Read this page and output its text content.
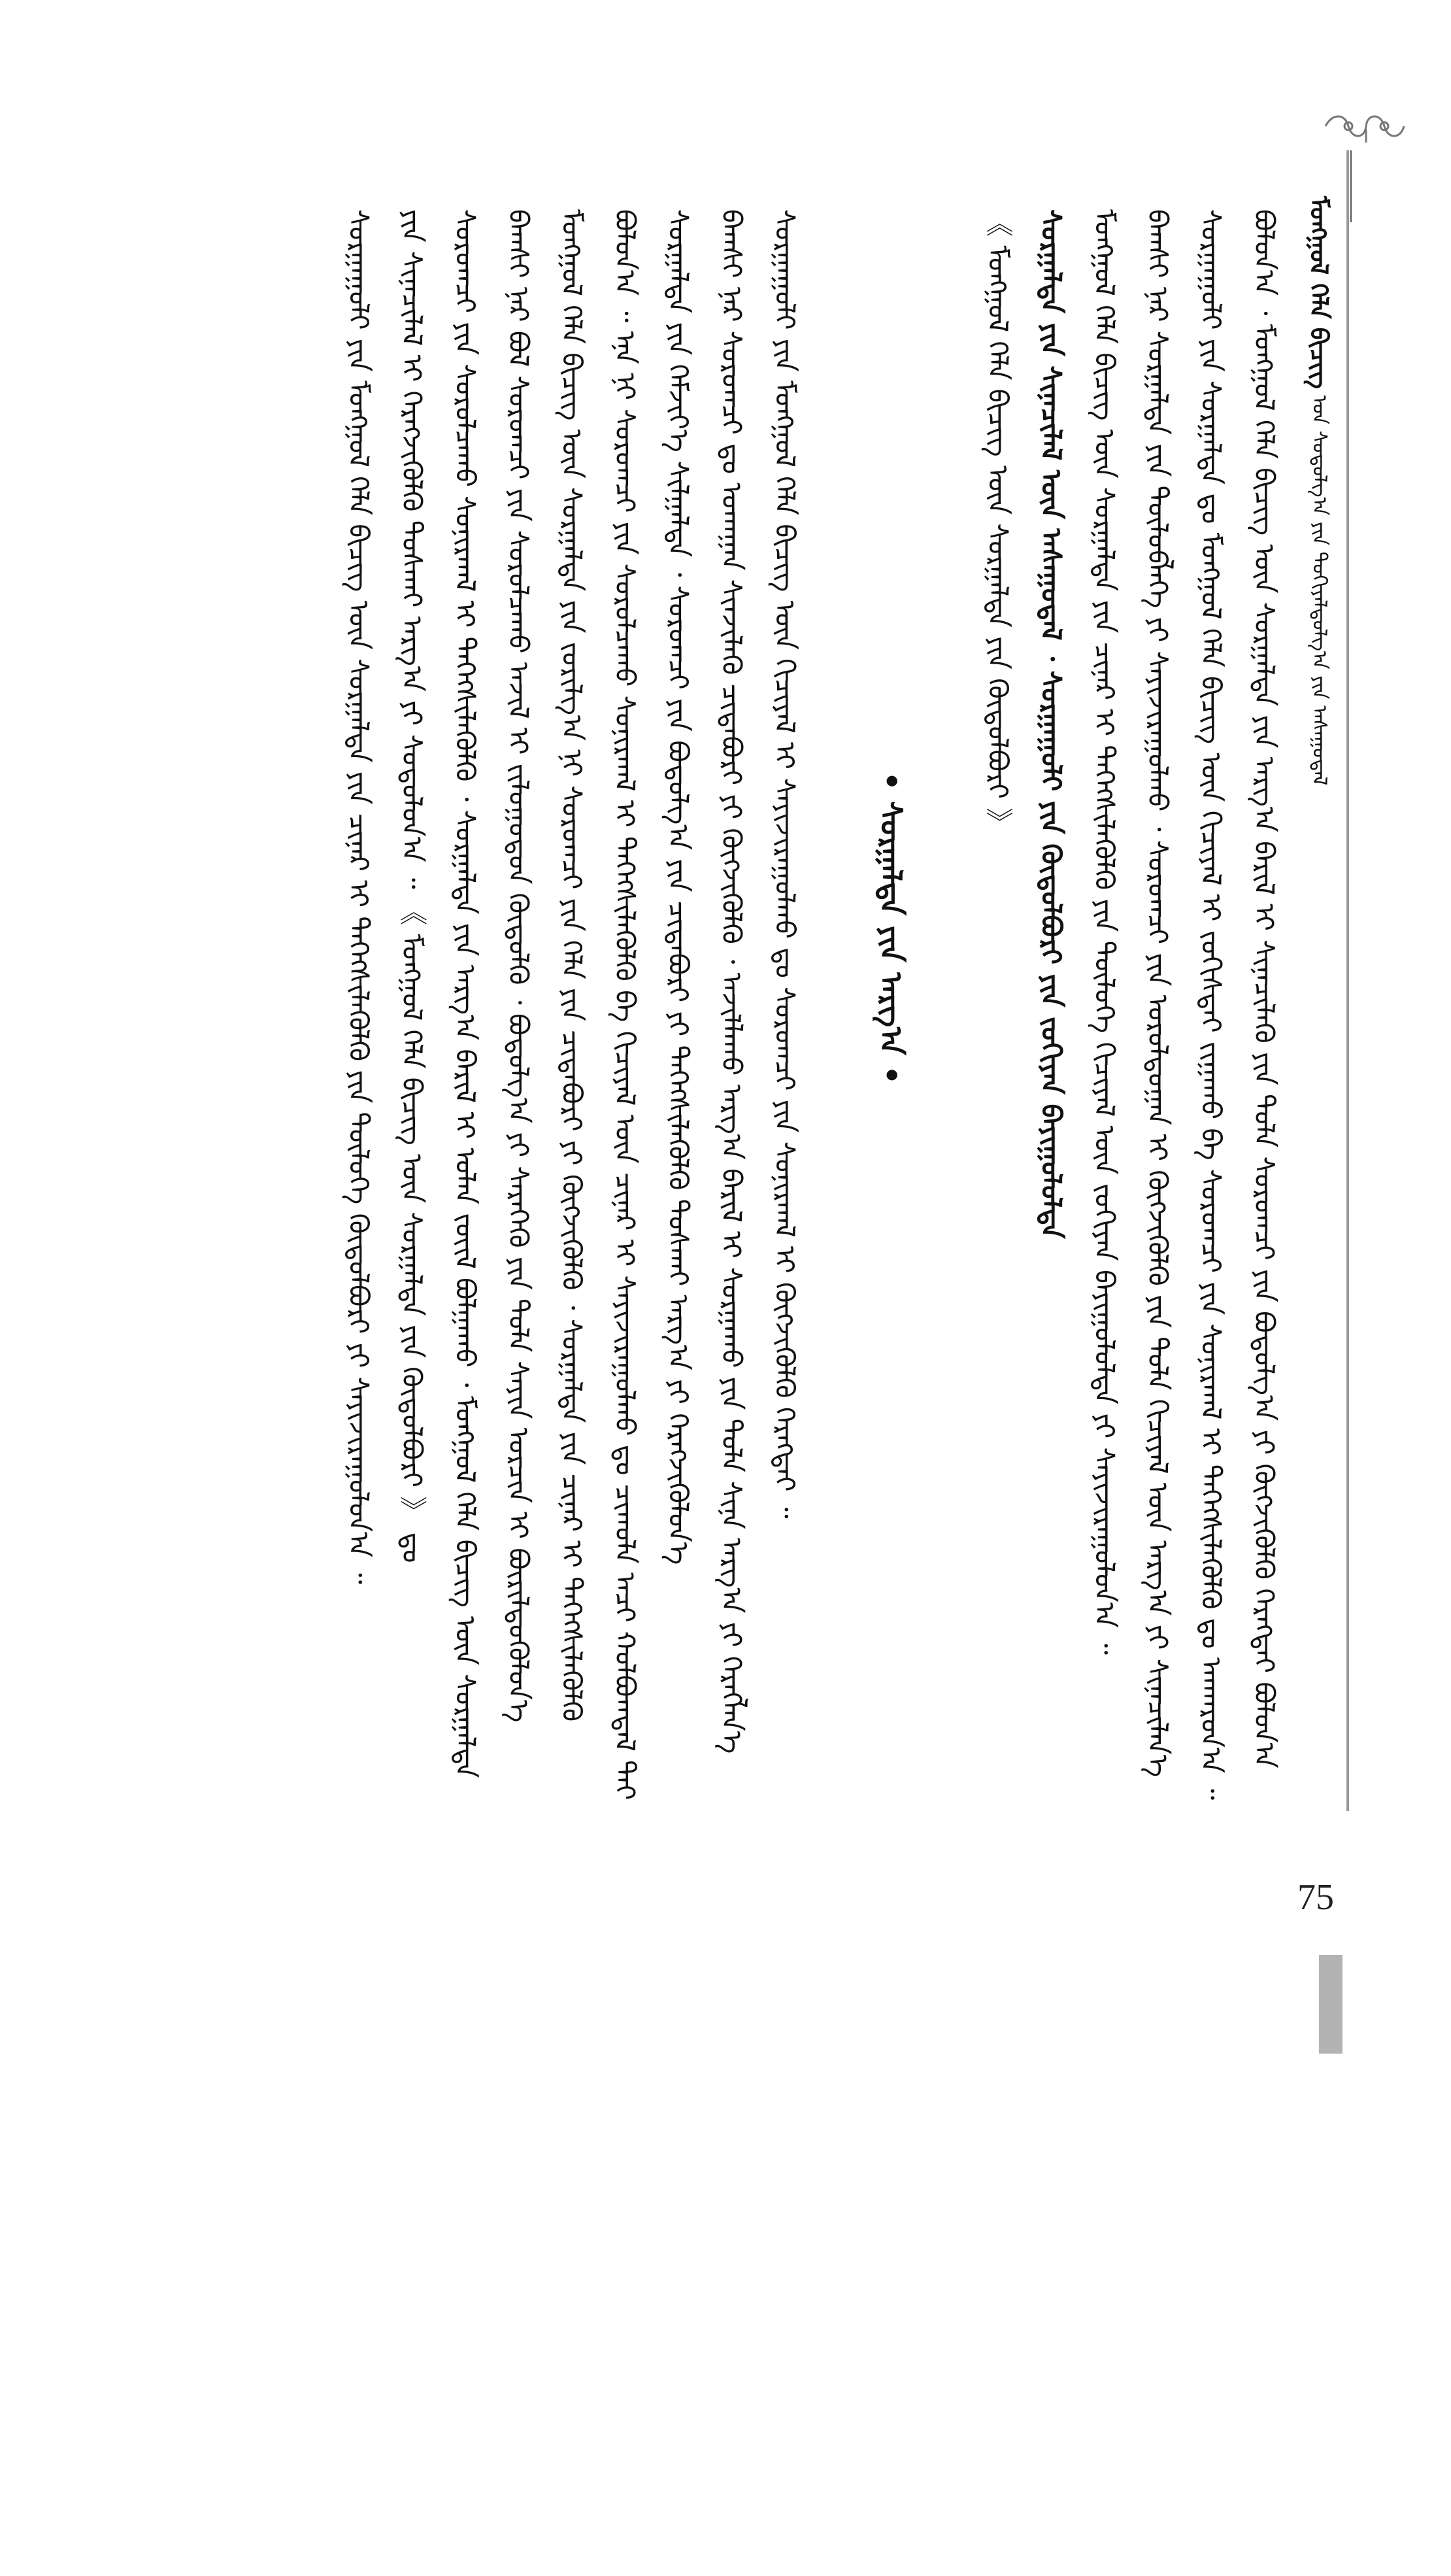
ᠮᠣᠩᠭᠣᠯ ᠬᠡᠯᠡ ᠪᠢᠴᠢᠭ ᠤᠨ ᠰᠤᠳᠤᠯᠭ᠎ᠠ ᠶᠢᠨ ᠲᠣᠬᠢᠶᠠᠯᠳᠤᠯᠭ᠎ᠠ ᠶᠢᠨ ᠠᠰᠠᠭᠤᠳᠠᠯ
ᠪᠣᠯᠤᠨ᠎ᠠ ᠂ ᠮᠣᠩᠭᠣᠯ ᠬᠡᠯᠡ ᠪᠢᠴᠢᠭ ᠦᠨ ᠰᠤᠷᠭᠠᠯᠲᠠ ᠶᠢᠨ ᠠᠷᠭ᠎ᠠ ᠪᠠᠷᠢᠯ ᠢ ᠰᠢᠨᠡᠴᠢᠯᠡᠬᠦ ᠶᠢᠨ ᠲᠤᠯᠠ ᠰᠤᠷᠤᠭᠴᠢ ᠶᠢᠨ ᠪᠣᠳᠤᠯᠭ᠎ᠠ ᠶᠢ ᠬᠥᠭᠵᠢᠭᠦᠯᠬᠦ ᠬᠡᠷᠡᠭᠲᠡᠢ ᠪᠣᠯᠤᠨ᠎ᠠ
ᠰᠤᠷᠭᠠᠭᠤᠯᠢ ᠶᠢᠨ ᠰᠤᠷᠭᠠᠯᠲᠠ ᠳᠤ ᠮᠣᠩᠭᠣᠯ ᠬᠡᠯᠡ ᠪᠢᠴᠢᠭ ᠦᠨ ᠬᠢᠴᠢᠶᠡᠯ ᠢ ᠵᠣᠬᠢᠰᠲᠠᠢ ᠵᠢᠭᠠᠬᠤ ᠪᠠ ᠰᠤᠷᠤᠭᠴᠢ ᠶᠢᠨ ᠰᠣᠨᠢᠷᠬᠠᠯ ᠢ ᠳᠡᠭᠡᠭᠰᠢᠯᠡᠭᠦᠯᠬᠦ ᠳᠤ ᠠᠨᠬᠠᠷᠤᠨ᠎ᠠ ᠃
ᠪᠠᠭᠰᠢ ᠨᠠᠷ ᠰᠤᠷᠭᠠᠯᠲᠠ ᠶᠢᠨ ᠲᠥᠯᠥᠪᠯᠡᠭᠡ ᠶᠢ ᠰᠠᠶᠢᠵᠢᠷᠠᠭᠤᠯᠬᠤ ᠂ ᠰᠤᠷᠤᠭᠴᠢ ᠶᠢᠨ ᠤᠷᠤᠯᠳᠤᠭᠠᠨ ᠢ ᠬᠥᠭᠵᠢᠭᠦᠯᠬᠦ ᠶᠢᠨ ᠲᠤᠯᠠ ᠬᠢᠴᠢᠶᠡᠯ ᠦᠨ ᠠᠷᠭ᠎ᠠ ᠶᠢ ᠰᠢᠨᠡᠴᠢᠯᠡᠨ᠎ᠡ
ᠮᠣᠩᠭᠣᠯ ᠬᠡᠯᠡ ᠪᠢᠴᠢᠭ ᠦᠨ ᠰᠤᠷᠭᠠᠯᠲᠠ ᠶᠢᠨ ᠴᠢᠨᠠᠷ ᠢ ᠳᠡᠭᠡᠭᠰᠢᠯᠡᠭᠦᠯᠬᠦ ᠶᠢᠨ ᠲᠥᠯᠥᠭᠡ ᠬᠢᠴᠢᠶᠡᠯ ᠦᠨ ᠵᠣᠬᠢᠶᠠᠨ ᠪᠠᠶᠢᠭᠤᠯᠤᠯᠲᠠ ᠶᠢ ᠰᠠᠶᠢᠵᠢᠷᠠᠭᠤᠯᠤᠨ᠎ᠠ ᠃
ᠰᠤᠷᠭᠠᠯᠲᠠ ᠶᠢᠨ ᠰᠢᠨᠡᠴᠢᠯᠡᠯ ᠦᠨ ᠠᠰᠠᠭᠤᠳᠠᠯ ᠂ ᠰᠤᠷᠭᠠᠭᠤᠯᠢ ᠶᠢᠨ ᠬᠥᠲᠦᠯᠪᠦᠷᠢ ᠶᠢᠨ ᠵᠣᠬᠢᠶᠠᠨ ᠪᠠᠶᠢᠭᠤᠯᠤᠯᠲᠠ
《 ᠮᠣᠩᠭᠣᠯ ᠬᠡᠯᠡ ᠪᠢᠴᠢᠭ ᠦᠨ ᠰᠤᠷᠭᠠᠯᠲᠠ ᠶᠢᠨ ᠬᠥᠲᠦᠯᠪᠦᠷᠢ 》
• ᠰᠤᠷᠭᠠᠯᠲᠠ ᠶᠢᠨ ᠠᠷᠭ᠎ᠠ •
ᠰᠤᠷᠭᠠᠭᠤᠯᠢ ᠶᠢᠨ ᠮᠣᠩᠭᠣᠯ ᠬᠡᠯᠡ ᠪᠢᠴᠢᠭ ᠦᠨ ᠬᠢᠴᠢᠶᠡᠯ ᠢ ᠰᠠᠶᠢᠵᠢᠷᠠᠭᠤᠯᠬᠤ ᠳᠤ ᠰᠤᠷᠤᠭᠴᠢ ᠶᠢᠨ ᠰᠣᠨᠢᠷᠬᠠᠯ ᠢ ᠬᠥᠭᠵᠢᠭᠦᠯᠬᠦ ᠬᠡᠷᠡᠭᠲᠡᠢ ᠃
ᠪᠠᠭᠰᠢ ᠨᠠᠷ ᠰᠤᠷᠤᠭᠴᠢ ᠳᠤ ᠤᠬᠠᠭᠠᠨ ᠰᠢᠨᠵᠢᠯᠡᠬᠦ ᠴᠢᠳᠠᠪᠤᠷᠢ ᠶᠢ ᠬᠥᠭᠵᠢᠭᠦᠯᠬᠦ ᠂ ᠠᠵᠢᠯᠯᠠᠬᠤ ᠠᠷᠭ᠎ᠠ ᠪᠠᠷᠢᠯ ᠢ ᠰᠤᠷᠭᠠᠬᠤ ᠶᠢᠨ ᠲᠤᠯᠠ ᠰᠢᠨᠡ ᠠᠷᠭ᠎ᠠ ᠶᠢ ᠬᠡᠷᠡᠭᠯᠡᠨ᠎ᠡ
ᠰᠤᠷᠭᠠᠯᠲᠠ ᠶᠢᠨ ᠬᠡᠮᠵᠢᠶ᠎ᠡ ᠰᠢᠯᠭᠠᠯᠲᠠ ᠂ ᠰᠤᠷᠤᠭᠴᠢ ᠶᠢᠨ ᠪᠣᠳᠤᠯᠭ᠎ᠠ ᠶᠢᠨ ᠴᠢᠳᠠᠪᠤᠷᠢ ᠶᠢ ᠳᠡᠭᠡᠭᠰᠢᠯᠡᠭᠦᠯᠬᠦ ᠲᠤᠰᠬᠠᠢ ᠠᠷᠭ᠎ᠠ ᠶᠢ ᠬᠡᠷᠡᠭᠵᠢᠭᠦᠯᠦᠨ᠎ᠡ
ᠪᠣᠯᠤᠨ᠎ᠠ ᠃ ᠡᠨᠡ ᠨᠢ ᠰᠤᠷᠤᠭᠴᠢ ᠶᠢᠨ ᠰᠤᠷᠤᠯᠴᠠᠬᠤ ᠰᠣᠨᠢᠷᠬᠠᠯ ᠢ ᠳᠡᠭᠡᠭᠰᠢᠯᠡᠭᠦᠯᠬᠦ ᠪᠠ ᠬᠢᠴᠢᠶᠡᠯ ᠦᠨ ᠴᠢᠨᠠᠷ ᠢ ᠰᠠᠶᠢᠵᠢᠷᠠᠭᠤᠯᠬᠤ ᠳᠤ ᠴᠢᠬᠤᠯᠠ ᠠᠴᠢ ᠬᠤᠯᠪᠤᠭᠳᠠᠯ ᠲᠠᠢ
ᠮᠣᠩᠭᠣᠯ ᠬᠡᠯᠡ ᠪᠢᠴᠢᠭ ᠦᠨ ᠰᠤᠷᠭᠠᠯᠲᠠ ᠶᠢᠨ ᠵᠣᠷᠢᠯᠭ᠎ᠠ ᠨᠢ ᠰᠤᠷᠤᠭᠴᠢ ᠶᠢᠨ ᠬᠡᠯᠡ ᠶᠢᠨ ᠴᠢᠳᠠᠪᠤᠷᠢ ᠶᠢ ᠬᠥᠭᠵᠢᠭᠦᠯᠬᠦ ᠂ ᠰᠤᠷᠭᠠᠯᠲᠠ ᠶᠢᠨ ᠴᠢᠨᠠᠷ ᠢ ᠳᠡᠭᠡᠭᠰᠢᠯᠡᠭᠦᠯᠬᠦ
ᠪᠠᠭᠰᠢ ᠨᠠᠷ ᠪᠣᠯ ᠰᠤᠷᠤᠭᠴᠢ ᠶᠢᠨ ᠰᠤᠷᠤᠯᠴᠠᠬᠤ ᠠᠵᠢᠯ ᠢ ᠵᠢᠯᠣᠭᠣᠳᠤᠨ ᠬᠥᠲᠦᠯᠬᠦ ᠂ ᠪᠣᠳᠤᠯᠭ᠎ᠠ ᠶᠢ ᠰᠡᠷᠡᠭᠡᠬᠦ ᠶᠢᠨ ᠲᠤᠯᠠ ᠰᠠᠶᠢᠨ ᠣᠷᠴᠢᠨ ᠢ ᠪᠦᠷᠢᠯᠳᠦᠭᠦᠯᠦᠨ᠎ᠡ
ᠰᠤᠷᠤᠭᠴᠢ ᠶᠢᠨ ᠰᠤᠷᠤᠯᠴᠠᠬᠤ ᠰᠣᠨᠢᠷᠬᠠᠯ ᠢ ᠳᠡᠭᠡᠭᠰᠢᠯᠡᠭᠦᠯᠬᠦ ᠂ ᠰᠤᠷᠭᠠᠯᠲᠠ ᠶᠢᠨ ᠠᠷᠭ᠎ᠠ ᠪᠠᠷᠢᠯ ᠢ ᠣᠯᠠᠨ ᠵᠦᠢᠯ ᠪᠣᠯᠭᠠᠬᠤ ᠂ ᠮᠣᠩᠭᠣᠯ ᠬᠡᠯᠡ ᠪᠢᠴᠢᠭ ᠦᠨ ᠰᠤᠷᠭᠠᠯᠲᠠ
ᠶᠢᠨ ᠰᠢᠨᠡᠴᠢᠯᠡᠯ ᠢ ᠬᠡᠷᠡᠭᠵᠢᠭᠦᠯᠬᠦ ᠲᠤᠰᠬᠠᠢ ᠠᠷᠭ᠎ᠠ ᠶᠢ ᠰᠤᠳᠤᠯᠤᠨ᠎ᠠ ᠃ 《 ᠮᠣᠩᠭᠣᠯ ᠬᠡᠯᠡ ᠪᠢᠴᠢᠭ ᠦᠨ ᠰᠤᠷᠭᠠᠯᠲᠠ ᠶᠢᠨ ᠬᠥᠲᠦᠯᠪᠦᠷᠢ 》 ᠳᠤ
ᠰᠤᠷᠭᠠᠭᠤᠯᠢ ᠶᠢᠨ ᠮᠣᠩᠭᠣᠯ ᠬᠡᠯᠡ ᠪᠢᠴᠢᠭ ᠦᠨ ᠰᠤᠷᠭᠠᠯᠲᠠ ᠶᠢᠨ ᠴᠢᠨᠠᠷ ᠢ ᠳᠡᠭᠡᠭᠰᠢᠯᠡᠭᠦᠯᠬᠦ ᠶᠢᠨ ᠲᠥᠯᠥᠭᠡ ᠬᠥᠲᠦᠯᠪᠦᠷᠢ ᠶᠢ ᠰᠠᠶᠢᠵᠢᠷᠠᠭᠤᠯᠤᠨ᠎ᠠ ᠃
75
